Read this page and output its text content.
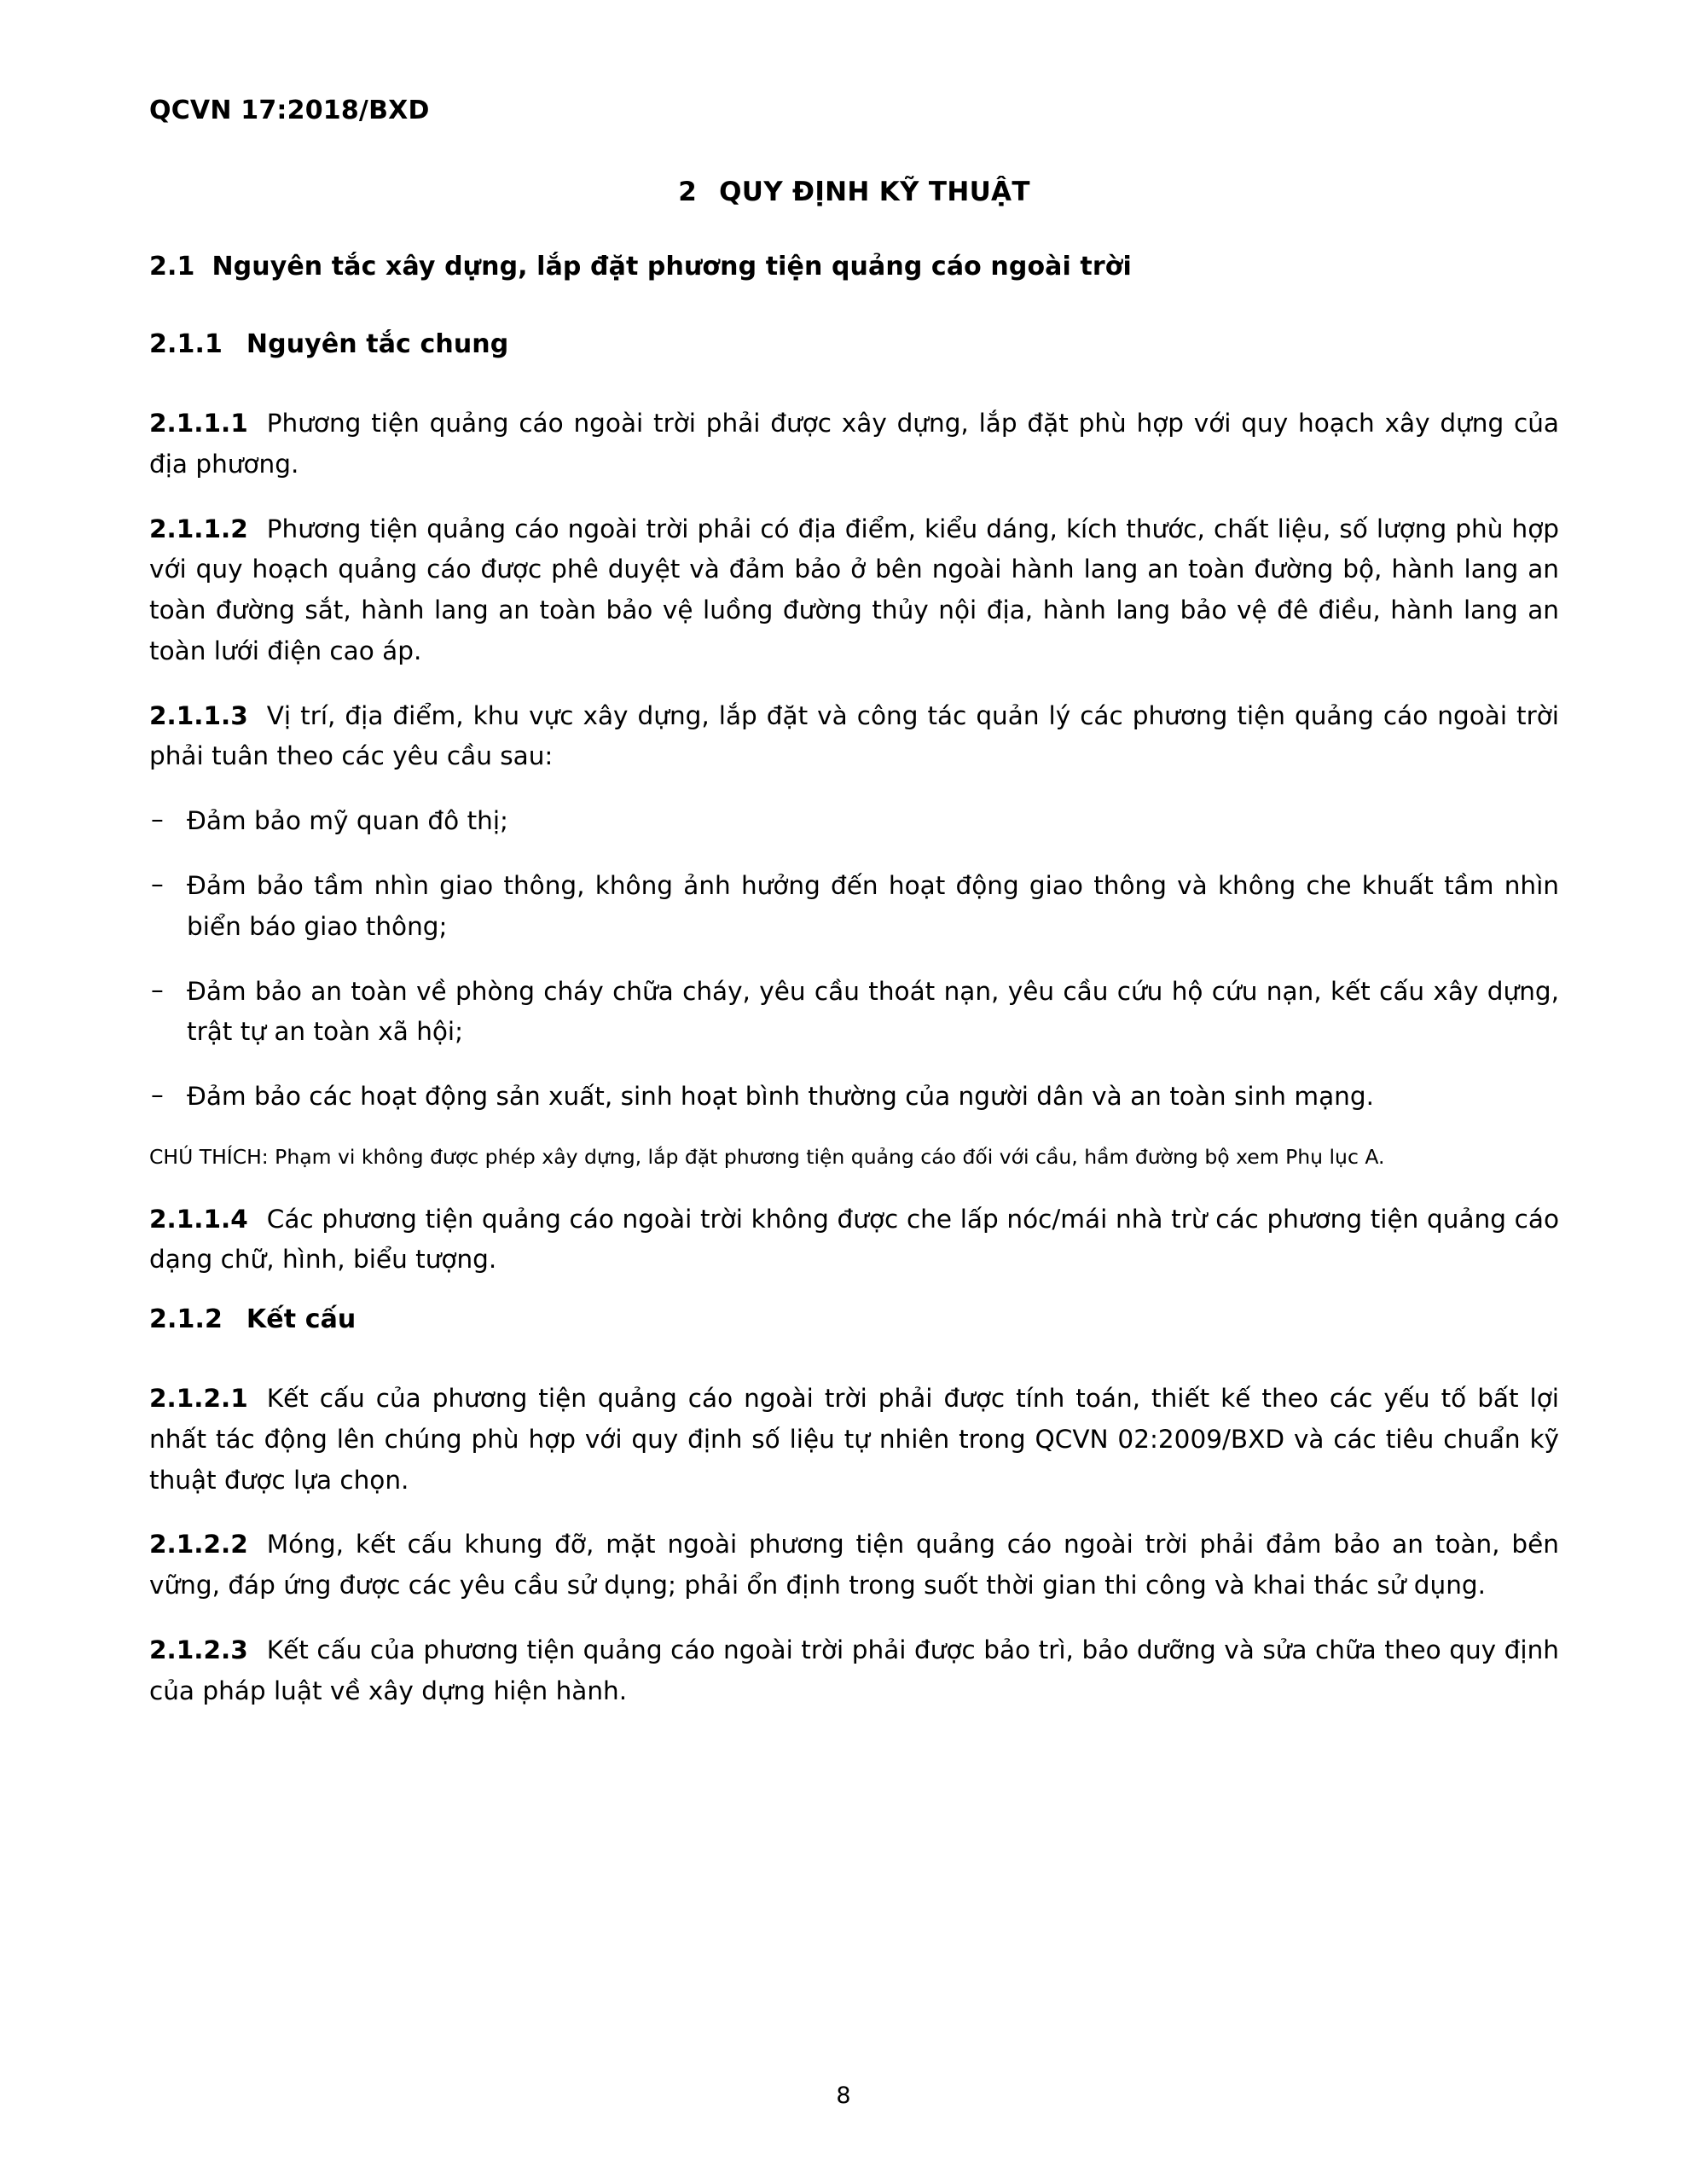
QCVN 17:2018/BXD
2 QUY ĐỊNH KỸ THUẬT
2.1 Nguyên tắc xây dựng, lắp đặt phương tiện quảng cáo ngoài trời
2.1.1 Nguyên tắc chung

2.1.1.1 Phương tiện quảng cáo ngoài trời phải được xây dựng, lắp đặt phù hợp với quy hoạch xây dựng của địa phương.

2.1.1.2 Phương tiện quảng cáo ngoài trời phải có địa điểm, kiểu dáng, kích thước, chất liệu, số lượng phù hợp với quy hoạch quảng cáo được phê duyệt và đảm bảo ở bên ngoài hành lang an toàn đường bộ, hành lang an toàn đường sắt, hành lang an toàn bảo vệ luồng đường thủy nội địa, hành lang bảo vệ đê điều, hành lang an toàn lưới điện cao áp.

2.1.1.3 Vị trí, địa điểm, khu vực xây dựng, lắp đặt và công tác quản lý các phương tiện quảng cáo ngoài trời phải tuân theo các yêu cầu sau:

– Đảm bảo mỹ quan đô thị;
– Đảm bảo tầm nhìn giao thông, không ảnh hưởng đến hoạt động giao thông và không che khuất tầm nhìn biển báo giao thông;
– Đảm bảo an toàn về phòng cháy chữa cháy, yêu cầu thoát nạn, yêu cầu cứu hộ cứu nạn, kết cấu xây dựng, trật tự an toàn xã hội;
– Đảm bảo các hoạt động sản xuất, sinh hoạt bình thường của người dân và an toàn sinh mạng.

CHÚ THÍCH: Phạm vi không được phép xây dựng, lắp đặt phương tiện quảng cáo đối với cầu, hầm đường bộ xem Phụ lục A.

2.1.1.4 Các phương tiện quảng cáo ngoài trời không được che lấp nóc/mái nhà trừ các phương tiện quảng cáo dạng chữ, hình, biểu tượng.

2.1.2 Kết cấu

2.1.2.1 Kết cấu của phương tiện quảng cáo ngoài trời phải được tính toán, thiết kế theo các yếu tố bất lợi nhất tác động lên chúng phù hợp với quy định số liệu tự nhiên trong QCVN 02:2009/BXD và các tiêu chuẩn kỹ thuật được lựa chọn.

2.1.2.2 Móng, kết cấu khung đỡ, mặt ngoài phương tiện quảng cáo ngoài trời phải đảm bảo an toàn, bền vững, đáp ứng được các yêu cầu sử dụng; phải ổn định trong suốt thời gian thi công và khai thác sử dụng.

2.1.2.3 Kết cấu của phương tiện quảng cáo ngoài trời phải được bảo trì, bảo dưỡng và sửa chữa theo quy định của pháp luật về xây dựng hiện hành.

8
